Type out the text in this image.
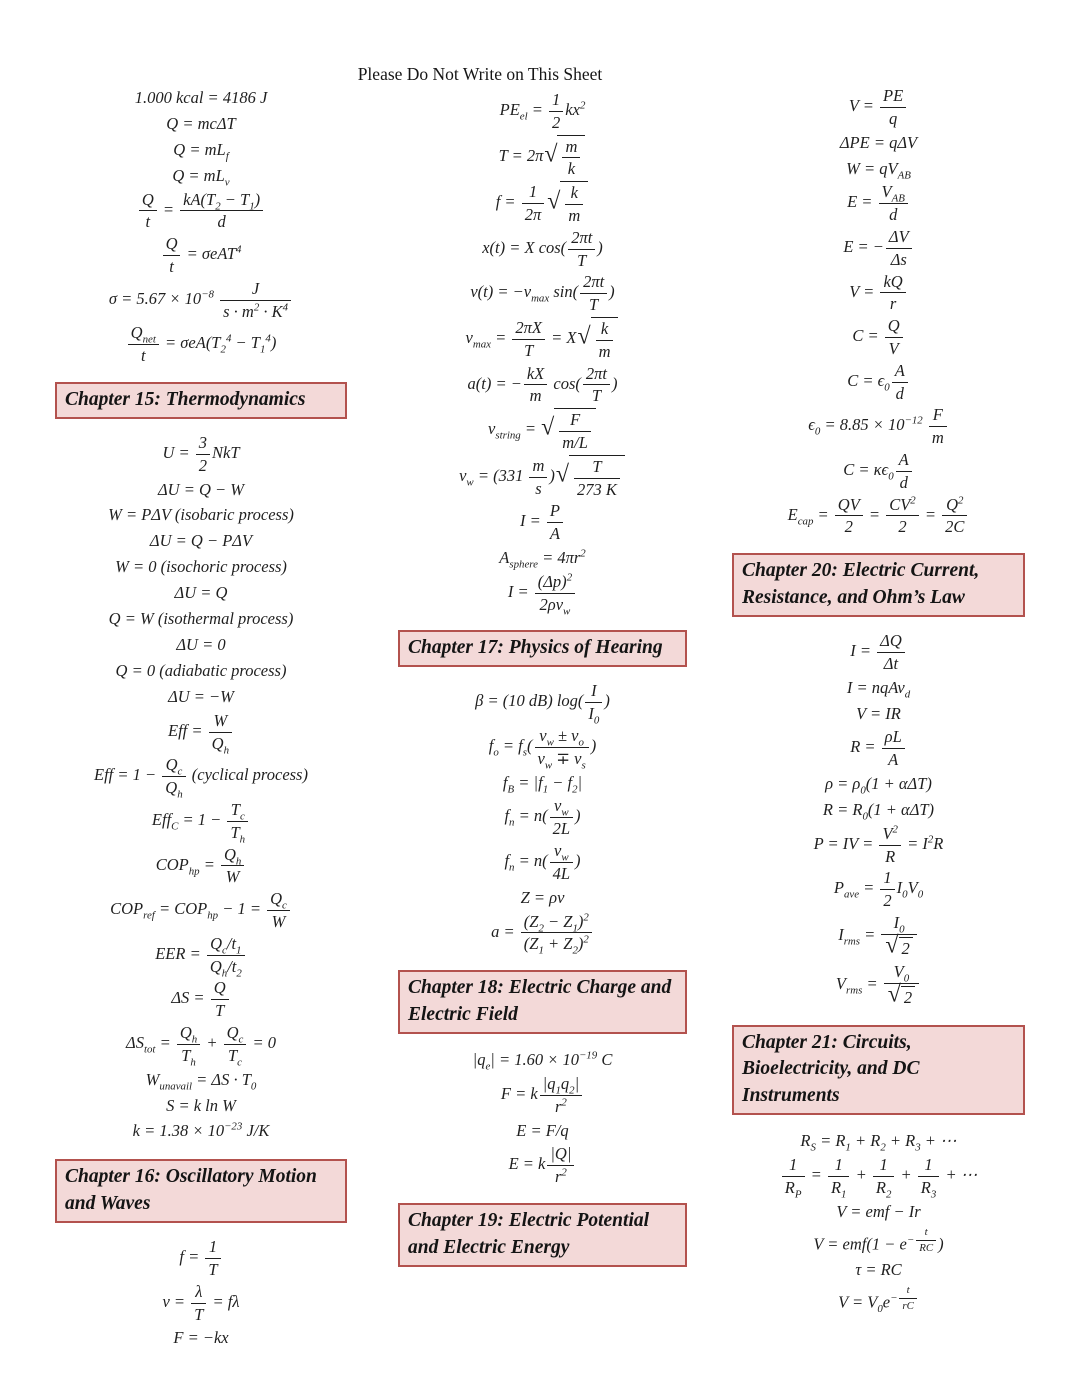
Please Do Not Write on This Sheet
1.000 kcal = 4186 J
Q = mcΔT
$Q = mL_f$
$Q = mL_v$
$\frac{Q}{t} = \frac{kA(T_2 - T_1)}{d}$
$\frac{Q}{t} = \sigma eAT^4$
$\sigma = 5.67 \times 10^{-8} \frac{J}{s \cdot m^2 \cdot K^4}$
$\frac{Q_{net}}{t} = \sigma eA(T_2^4 - T_1^4)$
Chapter 15: Thermodynamics
$U = \frac{3}{2}$ NkT
ΔU = Q − W
W = PΔV (isobaric process)
ΔU = Q − PΔV
W = 0 (isochoric process)
ΔU = Q
Q = W (isothermal process)
ΔU = 0
Q = 0 (adiabatic process)
ΔU = −W
Eff = $\frac{W}{Q_h}$
Eff = $1 - \frac{Q_c}{Q_h}$ (cyclical process)
$Eff_C = 1 - \frac{T_c}{T_h}$
$COP_{hp} = \frac{Q_h}{W}$
$COP_{ref} = COP_{hp} - 1 = \frac{Q_c}{W}$
EER = $\frac{Q_c/t_1}{Q_h/t_2}$
$\Delta S = \frac{Q}{T}$
$\Delta S_{tot} = \frac{Q_h}{T_h} + \frac{Q_c}{T_c} = 0$
$W_{unavail} = \Delta S \cdot T_0$
S = k ln W
$k = 1.38 \times 10^{-23}$ J/K
Chapter 16: Oscillatory Motion and Waves
$f = \frac{1}{T}$
$v = \frac{\lambda}{T} = f\lambda$
F = −kx
$PE_{el} = \frac{1}{2} kx^2$
T = 2π √ $\frac{m}{k}$
$f = \frac{1}{2\pi}$ √ $\frac{k}{m}$
x(t) = X $\cos( \frac{2\pi t}{T}$ )
$v(t) = -v_{max}$ $\sin( \frac{2\pi t}{T}$ )
$v_{max} = \frac{2\pi X}{T} = X$ √ $\frac{k}{m}$
a(t) = − $\frac{kX}{m} \cos( \frac{2\pi t}{T}$ )
$v_{string}$ = √ $\frac{F}{m/L}$
$v_w = (331 \frac{m}{s}$ ) √ $\frac{T}{273 K}$
$I = \frac{P}{A}$
$A_{sphere} = 4\pi r^2$
$I = \frac{(\Delta p)^2}{2\rho v_w}$
Chapter 17: Physics of Hearing
β = (10 dB) $\log( \frac{I}{I_0}$ )
$f_o = f_s( \frac{v_w \pm v_o}{v_w \mp v_s}$ )
$f_B = |f_1 - f_2|$
$f_n = n( \frac{v_w}{2L}$ )
$f_n = n( \frac{v_w}{4L}$ )
Z = ρv
$a = \frac{(Z_2 - Z_1)^2}{(Z_1 + Z_2)^2}$
Chapter 18: Electric Charge and Electric Field
$|q_e| = 1.60 \times 10^{-19}$ C
F = k $\frac{|q_1q_2|}{r^2}$
E = F/q
E = k $\frac{|Q|}{r^2}$
Chapter 19: Electric Potential and Electric Energy
$V = \frac{PE}{q}$
ΔPE = qΔV
$W = qV_{AB}$
$E = \frac{V_{AB}}{d}$
E = − $\frac{\Delta V}{\Delta s}$
$V = \frac{kQ}{r}$
$C = \frac{Q}{V}$
$C = \epsilon_0 \frac{A}{d}$
$\epsilon_0 = 8.85 \times 10^{-12} \frac{F}{m}$
$C = \kappa\epsilon_0 \frac{A}{d}$
$E_{cap} = \frac{QV}{2} = \frac{CV^2}{2} = \frac{Q^2}{2C}$
Chapter 20: Electric Current, Resistance, and Ohm’s Law
$I = \frac{\Delta Q}{\Delta t}$
I = nqAv$_d$
V = IR
$R = \frac{\rho L}{A}$
$\rho = \rho_0(1 + \alpha\Delta T)$
$R = R_0(1 + \alpha\Delta T)$
P = IV = $\frac{V^2}{R} = I^2R$
$P_{ave} = \frac{1}{2} I_0V_0$
$I_{rms} = \frac{I_0}{√ 2}$
$V_{rms} = \frac{V_0}{√ 2}$
Chapter 21: Circuits, Bioelectricity, and DC Instruments
$R_S = R_1 + R_2 + R_3$ + ⋯
$\frac{1}{R_P} = \frac{1}{R_1} + \frac{1}{R_2} + \frac{1}{R_3}$ + ⋯
V = emf − Ir
$V = emf(1 - e^{- \frac{t}{RC}}$ )
τ = RC
$V = V_0e^{- \frac{t}{rC}}$
